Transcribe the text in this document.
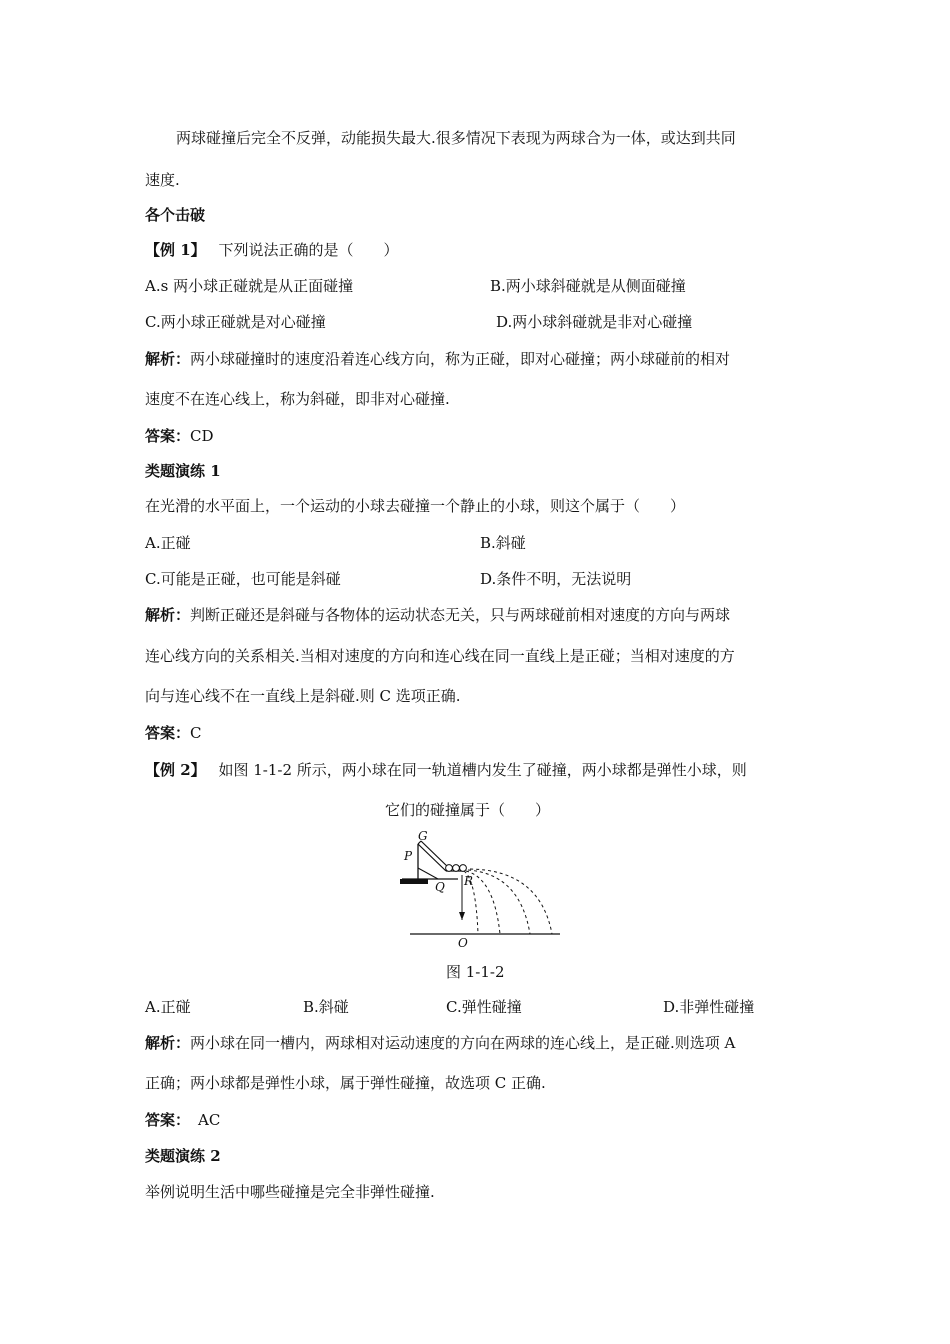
两球碰撞后完全不反弹，动能损失最大.很多情况下表现为两球合为一体，或达到共同
速度.
各个击破
【例 1】 下列说法正确的是（　　）
A.s 两小球正碰就是从正面碰撞	B.两小球斜碰就是从侧面碰撞
C.两小球正碰就是对心碰撞	D.两小球斜碰就是非对心碰撞
解析：两小球碰撞时的速度沿着连心线方向，称为正碰，即对心碰撞；两小球碰前的相对
速度不在连心线上，称为斜碰，即非对心碰撞.
答案：CD
类题演练 1
在光滑的水平面上，一个运动的小球去碰撞一个静止的小球，则这个属于（　　）
A.正碰	B.斜碰
C.可能是正碰，也可能是斜碰	D.条件不明，无法说明
解析：判断正碰还是斜碰与各物体的运动状态无关，只与两球碰前相对速度的方向与两球
连心线方向的关系相关.当相对速度的方向和连心线在同一直线上是正碰；当相对速度的方
向与连心线不在一直线上是斜碰.则 C 选项正确.
答案：C
【例 2】 如图 1-1-2 所示，两小球在同一轨道槽内发生了碰撞，两小球都是弹性小球，则
它们的碰撞属于（　　）
G
P
Q R
O
图 1-1-2
A.正碰	B.斜碰	C.弹性碰撞	D.非弹性碰撞
解析：两小球在同一槽内，两球相对运动速度的方向在两球的连心线上，是正碰.则选项 A
正确；两小球都是弹性小球，属于弹性碰撞，故选项 C 正确.
答案： AC
类题演练 2
举例说明生活中哪些碰撞是完全非弹性碰撞.
